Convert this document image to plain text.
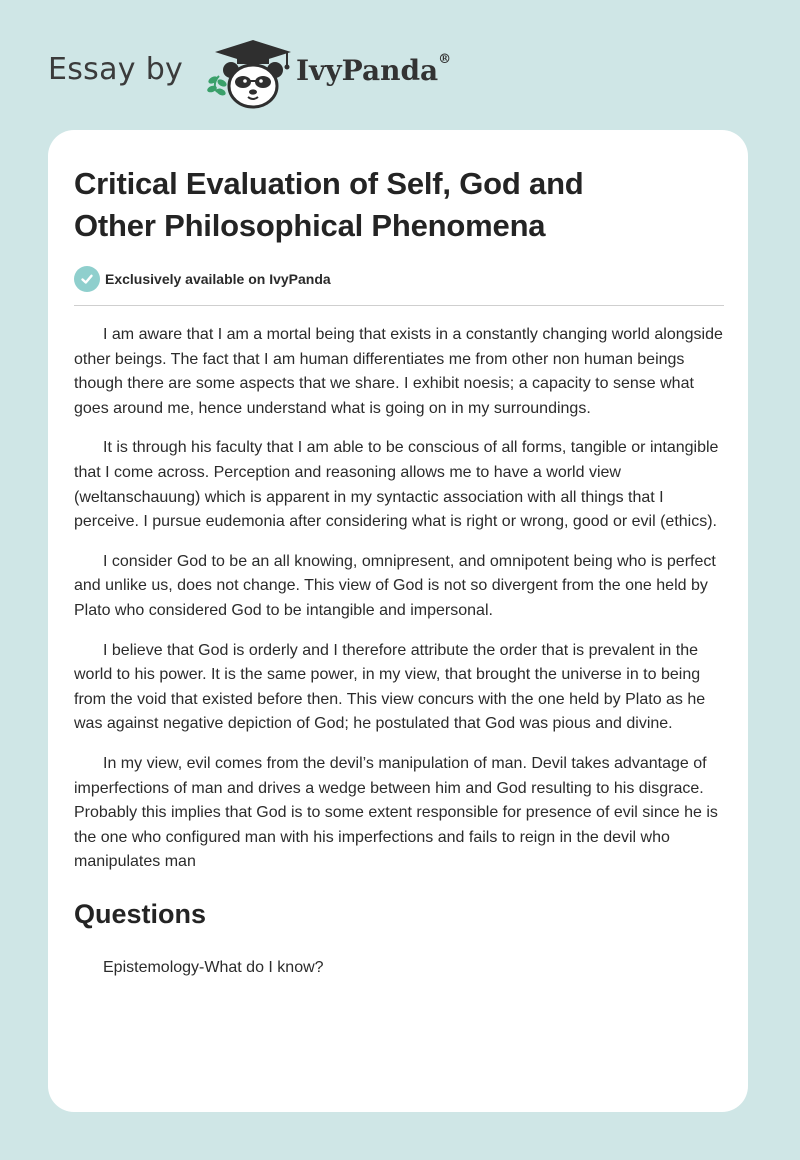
Essay by	IvyPanda®
Critical Evaluation of Self, God and
Other Philosophical Phenomena
Exclusively available on IvyPanda

I am aware that I am a mortal being that exists in a constantly changing world alongside other beings. The fact that I am human differentiates me from other non human beings though there are some aspects that we share. I exhibit noesis; a capacity to sense what goes around me, hence understand what is going on in my surroundings.

It is through his faculty that I am able to be conscious of all forms, tangible or intangible that I come across. Perception and reasoning allows me to have a world view (weltanschauung) which is apparent in my syntactic association with all things that I perceive. I pursue eudemonia after considering what is right or wrong, good or evil (ethics).

I consider God to be an all knowing, omnipresent, and omnipotent being who is perfect and unlike us, does not change. This view of God is not so divergent from the one held by Plato who considered God to be intangible and impersonal.

I believe that God is orderly and I therefore attribute the order that is prevalent in the world to his power. It is the same power, in my view, that brought the universe in to being from the void that existed before then. This view concurs with the one held by Plato as he was against negative depiction of God; he postulated that God was pious and divine.

In my view, evil comes from the devil’s manipulation of man. Devil takes advantage of imperfections of man and drives a wedge between him and God resulting to his disgrace. Probably this implies that God is to some extent responsible for presence of evil since he is the one who configured man with his imperfections and fails to reign in the devil who manipulates man

Questions
Epistemology-What do I know?
